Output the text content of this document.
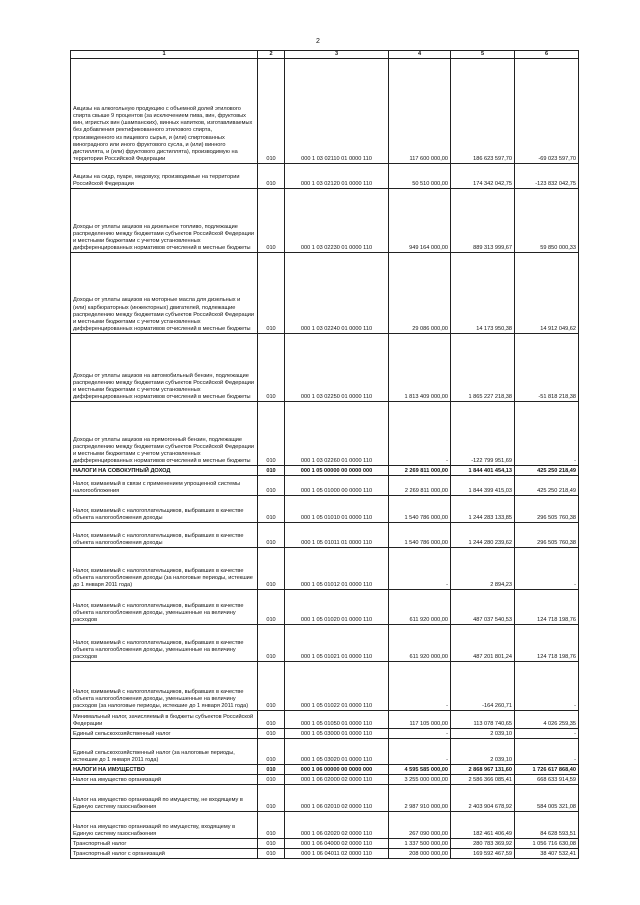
2
1	2	3	4	5	6
Акцизы на алкогольную продукцию с объемной долей этилового спирта свыше 9 процентов (за исключением пива, вин, фруктовых вин, игристых вин (шампанских), винных напитков, изготавливаемых без добавления ректификованного этилового спирта, произведенного из пищевого сырья, и (или) спиртованных виноградного или иного фруктового сусла, и (или) винного дистиллята, и (или) фруктового дистиллята), производимую на территории Российской Федерации	010	000 1 03 02110 01 0000 110	117 600 000,00	186 623 597,70	-69 023 597,70
Акцизы на сидр, пуаре, медовуху, производимые на территории Российской Федерации	010	000 1 03 02120 01 0000 110	50 510 000,00	174 342 042,75	-123 832 042,75
Доходы от уплаты акцизов на дизельное топливо, подлежащие распределению между бюджетами субъектов Российской Федерации и местными бюджетами с учетом установленных дифференцированных нормативов отчислений в местные бюджеты	010	000 1 03 02230 01 0000 110	949 164 000,00	889 313 999,67	59 850 000,33
Доходы от уплаты акцизов на моторные масла для дизельных и (или) карбюраторных (инжекторных) двигателей, подлежащие распределению между бюджетами субъектов Российской Федерации и местными бюджетами с учетом установленных дифференцированных нормативов отчислений в местные бюджеты	010	000 1 03 02240 01 0000 110	29 086 000,00	14 173 950,38	14 912 049,62
Доходы от уплаты акцизов на автомобильный бензин, подлежащие распределению между бюджетами субъектов Российской Федерации и местными бюджетами с учетом установленных дифференцированных нормативов отчислений в местные бюджеты	010	000 1 03 02250 01 0000 110	1 813 409 000,00	1 865 227 218,38	-51 818 218,38
Доходы от уплаты акцизов на прямогонный бензин, подлежащие распределению между бюджетами субъектов Российской Федерации и местными бюджетами с учетом установленных дифференцированных нормативов отчислений в местные бюджеты	010	000 1 03 02260 01 0000 110	-	-122 799 951,69	-
НАЛОГИ НА СОВОКУПНЫЙ ДОХОД	010	000 1 05 00000 00 0000 000	2 269 811 000,00	1 844 401 454,13	425 250 218,49
Налог, взимаемый в связи с применением упрощенной системы налогообложения	010	000 1 05 01000 00 0000 110	2 269 811 000,00	1 844 399 415,03	425 250 218,49
Налог, взимаемый с налогоплательщиков, выбравших в качестве объекта налогообложения доходы	010	000 1 05 01010 01 0000 110	1 540 786 000,00	1 244 283 133,85	296 505 760,38
Налог, взимаемый с налогоплательщиков, выбравших в качестве объекта налогообложения доходы	010	000 1 05 01011 01 0000 110	1 540 786 000,00	1 244 280 239,62	296 505 760,38
Налог, взимаемый с налогоплательщиков, выбравших в качестве объекта налогообложения доходы (за налоговые периоды, истекшие до 1 января 2011 года)	010	000 1 05 01012 01 0000 110	-	2 894,23	-
Налог, взимаемый с налогоплательщиков, выбравших в качестве объекта налогообложения доходы, уменьшенные на величину расходов	010	000 1 05 01020 01 0000 110	611 920 000,00	487 037 540,53	124 718 198,76
Налог, взимаемый с налогоплательщиков, выбравших в качестве объекта налогообложения доходы, уменьшенные на величину расходов	010	000 1 05 01021 01 0000 110	611 920 000,00	487 201 801,24	124 718 198,76
Налог, взимаемый с налогоплательщиков, выбравших в качестве объекта налогообложения доходы, уменьшенные на величину расходов (за налоговые периоды, истекшие до 1 января 2011 года)	010	000 1 05 01022 01 0000 110	-	-164 260,71	-
Минимальный налог, зачисляемый в бюджеты субъектов Российской Федерации	010	000 1 05 01050 01 0000 110	117 105 000,00	113 078 740,65	4 026 259,35
Единый сельскохозяйственный налог	010	000 1 05 03000 01 0000 110	-	2 039,10	-
Единый сельскохозяйственный налог (за налоговые периоды, истекшие до 1 января 2011 года)	010	000 1 05 03020 01 0000 110	-	2 039,10	-
НАЛОГИ НА ИМУЩЕСТВО	010	000 1 06 00000 00 0000 000	4 595 585 000,00	2 868 967 131,60	1 726 617 868,40
Налог на имущество организаций	010	000 1 06 02000 02 0000 110	3 255 000 000,00	2 586 366 085,41	668 633 914,59
Налог на имущество организаций по имуществу, не входящему в Единую систему газоснабжения	010	000 1 06 02010 02 0000 110	2 987 910 000,00	2 403 904 678,92	584 005 321,08
Налог на имущество организаций по имуществу, входящему в Единую систему газоснабжения	010	000 1 06 02020 02 0000 110	267 090 000,00	182 461 406,49	84 628 593,51
Транспортный налог	010	000 1 06 04000 02 0000 110	1 337 500 000,00	280 783 369,92	1 056 716 630,08
Транспортный налог с организаций	010	000 1 06 04011 02 0000 110	208 000 000,00	169 592 467,59	38 407 532,41
